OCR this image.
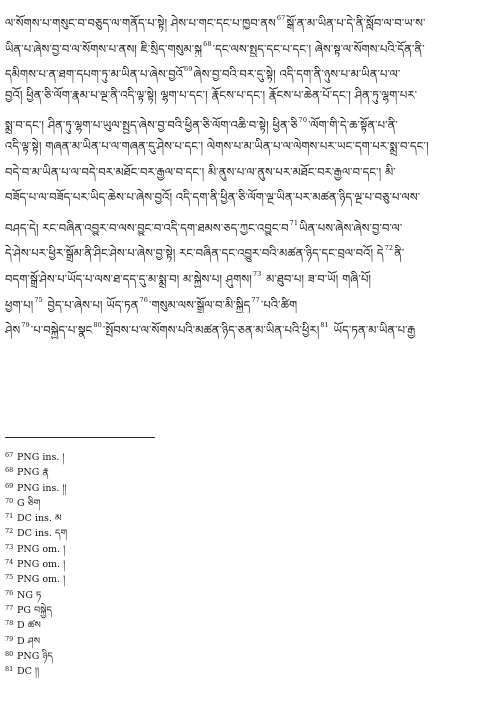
ལ་སོགས་པ་གསུང་བ་བཅུད་ལ་གནོད་པ་སྟེ། ཤེས་པ་གང་དང་པ་ཁྱབ་ནས$^{67}$སྒོ་ན་མ་ཡིན་པ་དེ་ནི་སློབ་ལ་བ་ཡ་ས་
ཡིན་པ་ཞེས་བྱ་བ་ལ་སོགས་པ་ནས། ཇི་སྲིད་གསུམ་སྐུ$^{68}$་དང་ལས་སྤྱད་དང་པ་དང་། ཞེས་སྟ་ལ་སོགས་པའི་དོན་ནི་
དམིགས་པ་ན་ཐག་དཔག་ཏུ་མ་ཡིན་པ་ཞེས་བྱའོ$^{69}$ཞེས་བྱ་བའི་བར་དུ་སྟེ། འདི་དག་ནི་ཉུས་པ་མ་ཡིན་པ་ལ་
བྱའོ། ཕྱིན་ཅི་ལོག་རྣམ་པ་ལྔ་ནི་འདི་ལྟ་སྟེ། ལྷག་པ་དང་། རྣོངས་པ་དང་། རྣོངས་པ་ཆེན་པོ་དང་། ཤིན་ཏུ་ལྷག་པར་
སྨྲ་བ་དང་། ཤིན་ཏུ་ལྷག་པ་ཡུལ་སྤྱད་ཞེས་བྱ་བའི་ཕྱིན་ཅི་ལོག་འཆི་བ་སྟེ། ཕྱིན་ཅི$^{70}$་ལོག་གི་དེ་ཆ་སྟོན་པ་ནི་
འདི་ལྟ་སྟེ། གཞན་མ་ཡིན་པ་ལ་གཞན་དུ་ཤེས་པ་དང་། ལེགས་པ་མ་ཡིན་པ་ལ་ལེགས་པར་ཡང་དག་པར་སྨྲ་བ་དང་།
བདེ་བ་མ་ཡིན་པ་ལ་བདེ་བར་མཐོང་བར་རྒྱལ་བ་དང་། མི་ནུས་པ་ལ་ནུས་པར་མཐོང་བར་རྒྱལ་བ་དང་། མི་
བཟོད་པ་ལ་བཟོད་པར་ཡིད་ཆེས་པ་ཞེས་བྱའོ། འདི་དག་ནི་ཕྱིན་ཅི་ལོག་ལྔ་ཡིན་པར་མཚན་ཉིད་ལྔ་པ་བཅུ་པ་ལས་
བཤད་དེ། རང་བཞིན་འབྱུར་བ་ལས་བྱུང་བ་འདི་དག་ཐམས་ཅད་ཀྱང་འབྱུང་བ$^{71}$ཡིན་པས་ཞེས་ཞེས་བྱ་བ་ལ་
དེ་ཤེས་པར་ཕྱིར་སྒྲོམ་ནི་ཤིང་ཤེས་པ་ཞེས་བྱ་སྟེ། རང་བཞིན་དང་འབྱུར་བའི་མཚན་ཉིད་དང་བྲལ་བའོ། དེ$^{72}$ནི་
བདག་སྒྲོ་ཤེས་པ་ཡོད་པ་ལས་ཐ་དད་དུ་མ་སྨྲ་བ། མ་སྐྱེས་པ། ཤུགས།$^{73}$ མ་ཐུབ་པ། ཟ་བ་ཡོ། གཞི་པོ།
ཕྱག་པ།$^{75}$ བྱེད་པ་ཞེས་པ། ཡོད་ཏན$^{76}$་གསུམ་ལས་སྒྲོལ་བ་མི་སྐྱིད$^{77}$་པའི་ཚིག
ཤེས$^{79}$་པ་བསྐྱེད་པ་སྣང$^{80}$་སྤོབས་པ་ལ་སོགས་པའི་མཚན་ཉིད་ཅན་མ་ཡིན་པའི་ཕྱིར།$^{81}$ ཡོད་ཏན་མ་ཡིན་པ་རྒྱ
67 PNG ins. །
68 PNG རྣ
69 PNG ins. །།
70 G ཅིག
71 DC ins. མ
72 DC ins. དག
73 PNG om. །
74 PNG om. །
75 PNG om. །
76 NG ཏ
77 PG བསྐྱེད
78 D ཚས
79 D ཤས
80 PNG ཉིད
81 DC །།
